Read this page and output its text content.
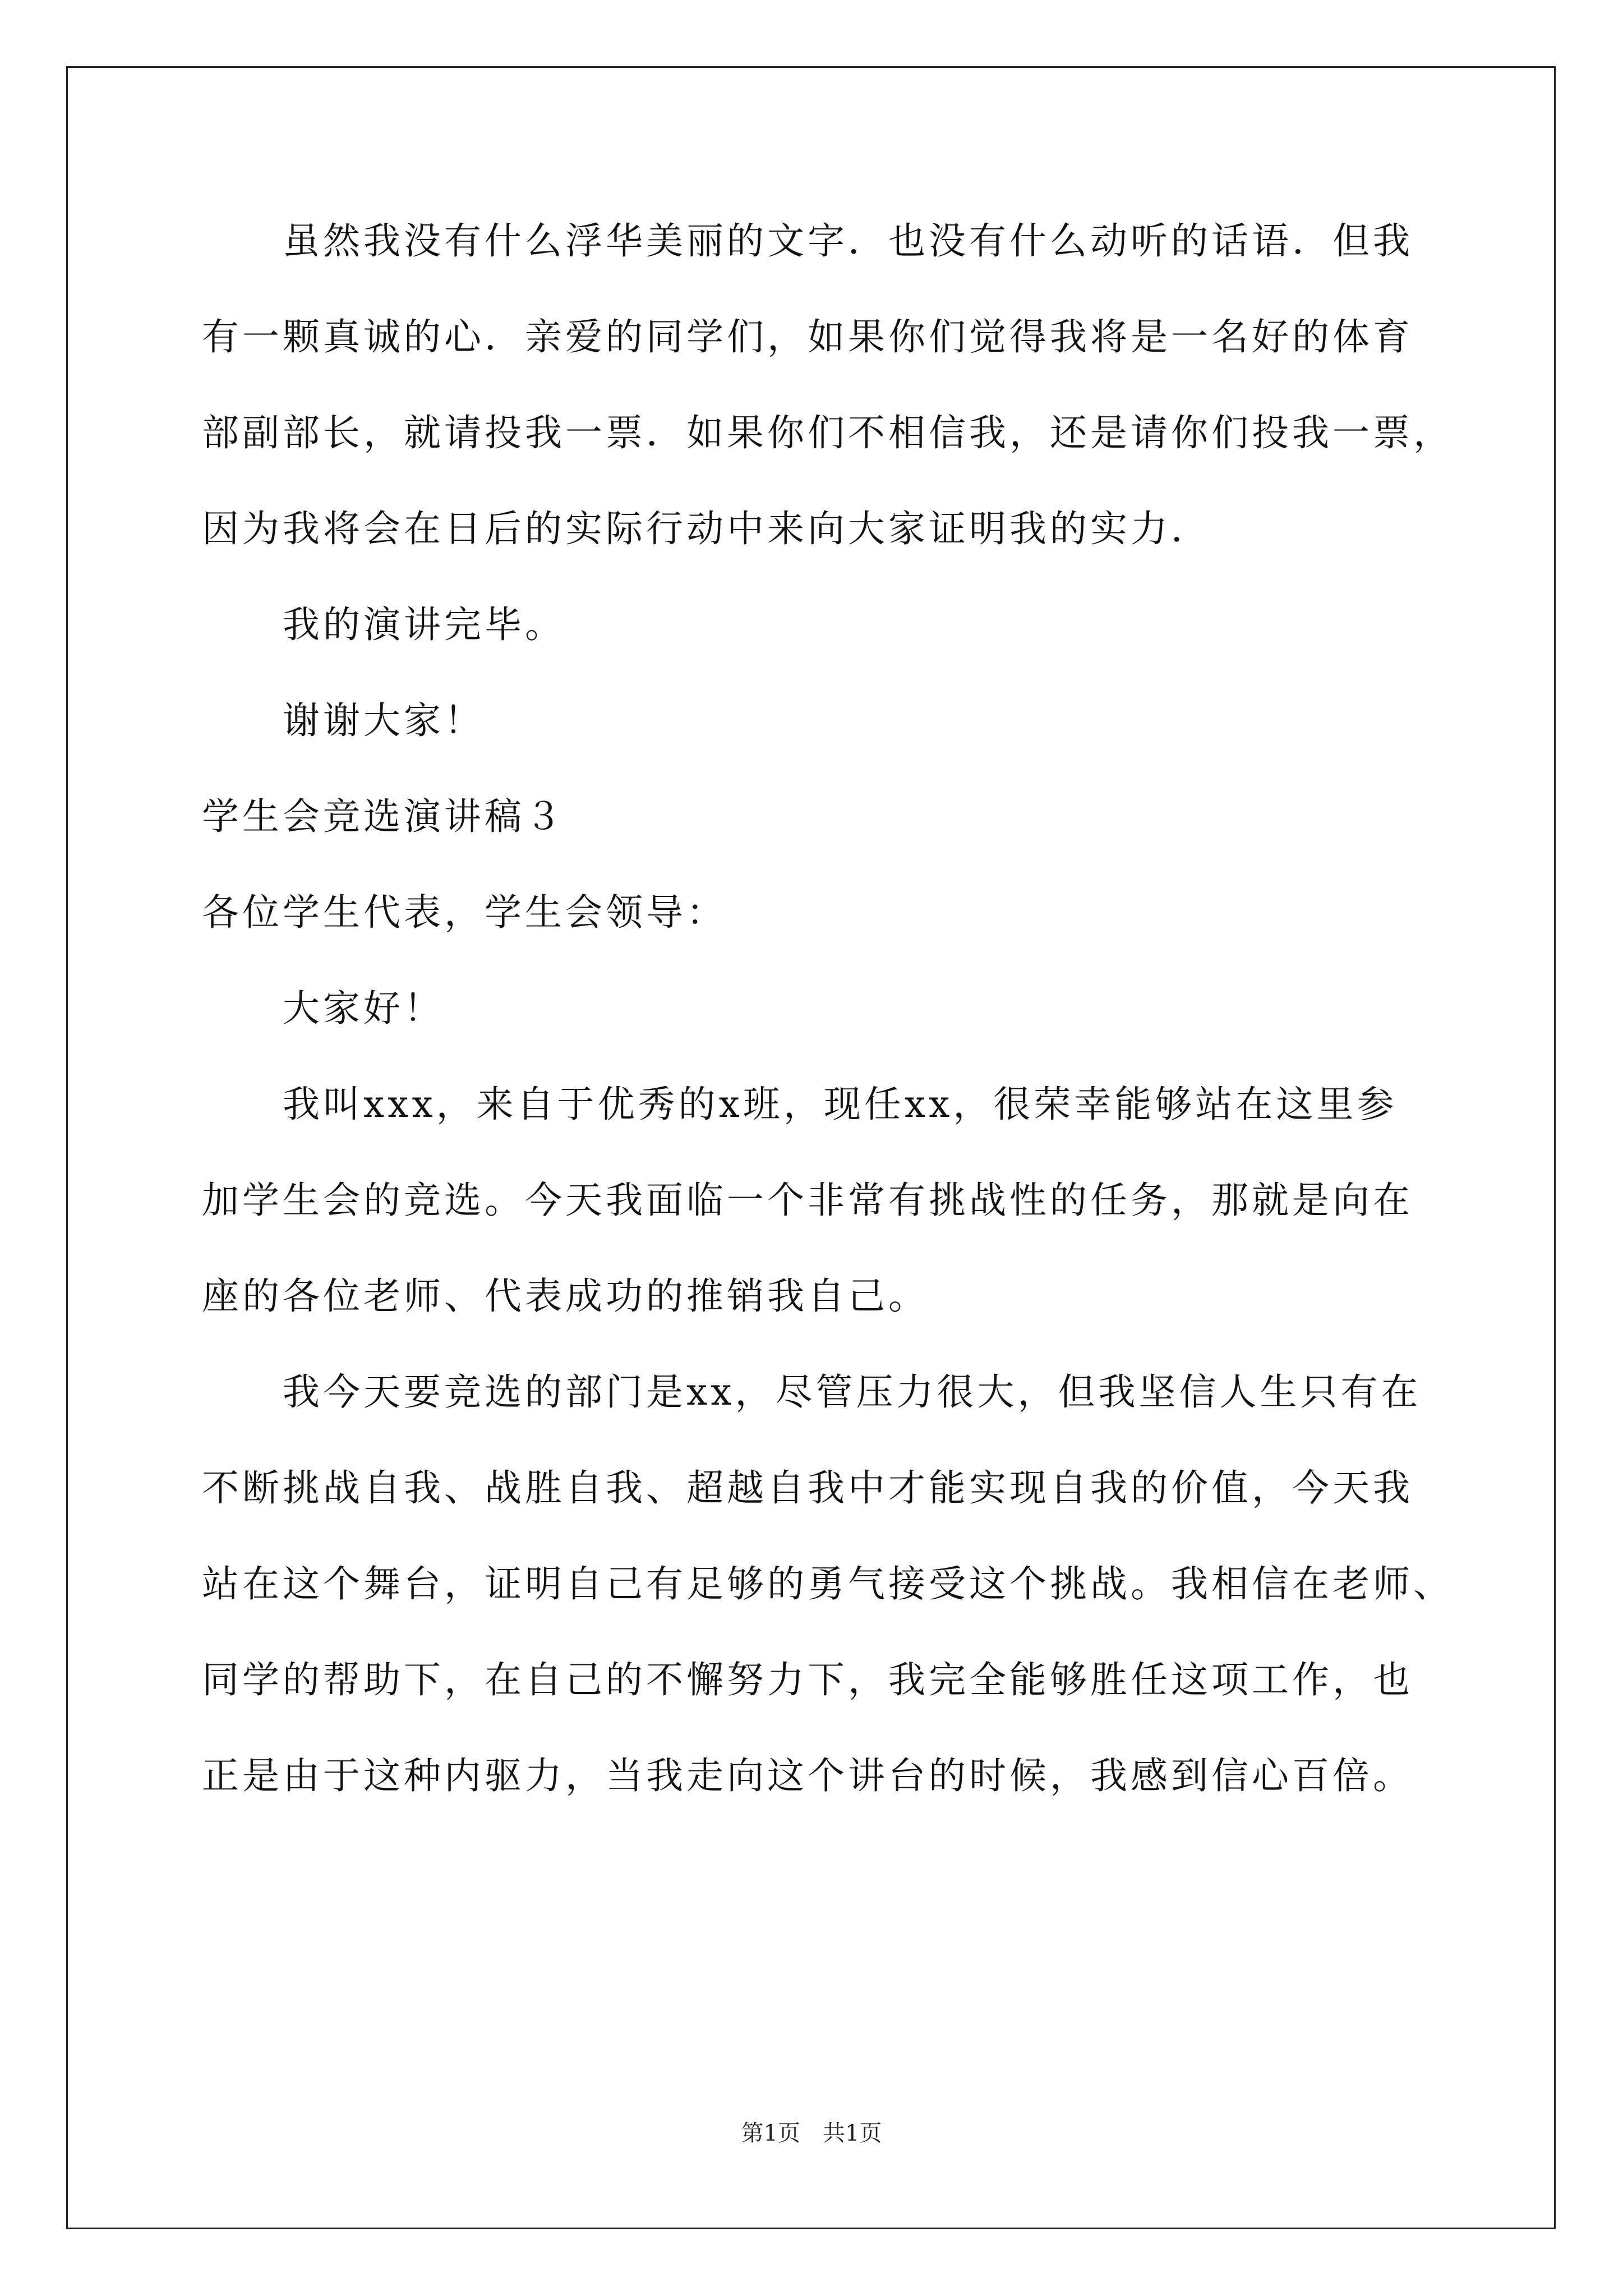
虽然我没有什么浮华美丽的文字．也没有什么动听的话语．但我
有一颗真诚的心．亲爱的同学们，如果你们觉得我将是一名好的体育
部副部长，就请投我一票．如果你们不相信我，还是请你们投我一票，
因为我将会在日后的实际行动中来向大家证明我的实力．
我的演讲完毕。
谢谢大家！
学生会竞选演讲稿３
各位学生代表，学生会领导：
大家好！
我叫xxx，来自于优秀的x班，现任xx，很荣幸能够站在这里参
加学生会的竞选。今天我面临一个非常有挑战性的任务，那就是向在
座的各位老师、代表成功的推销我自己。
我今天要竞选的部门是xx，尽管压力很大，但我坚信人生只有在
不断挑战自我、战胜自我、超越自我中才能实现自我的价值，今天我
站在这个舞台，证明自己有足够的勇气接受这个挑战。我相信在老师、
同学的帮助下，在自己的不懈努力下，我完全能够胜任这项工作，也
正是由于这种内驱力，当我走向这个讲台的时候，我感到信心百倍。
第1页　共1页
